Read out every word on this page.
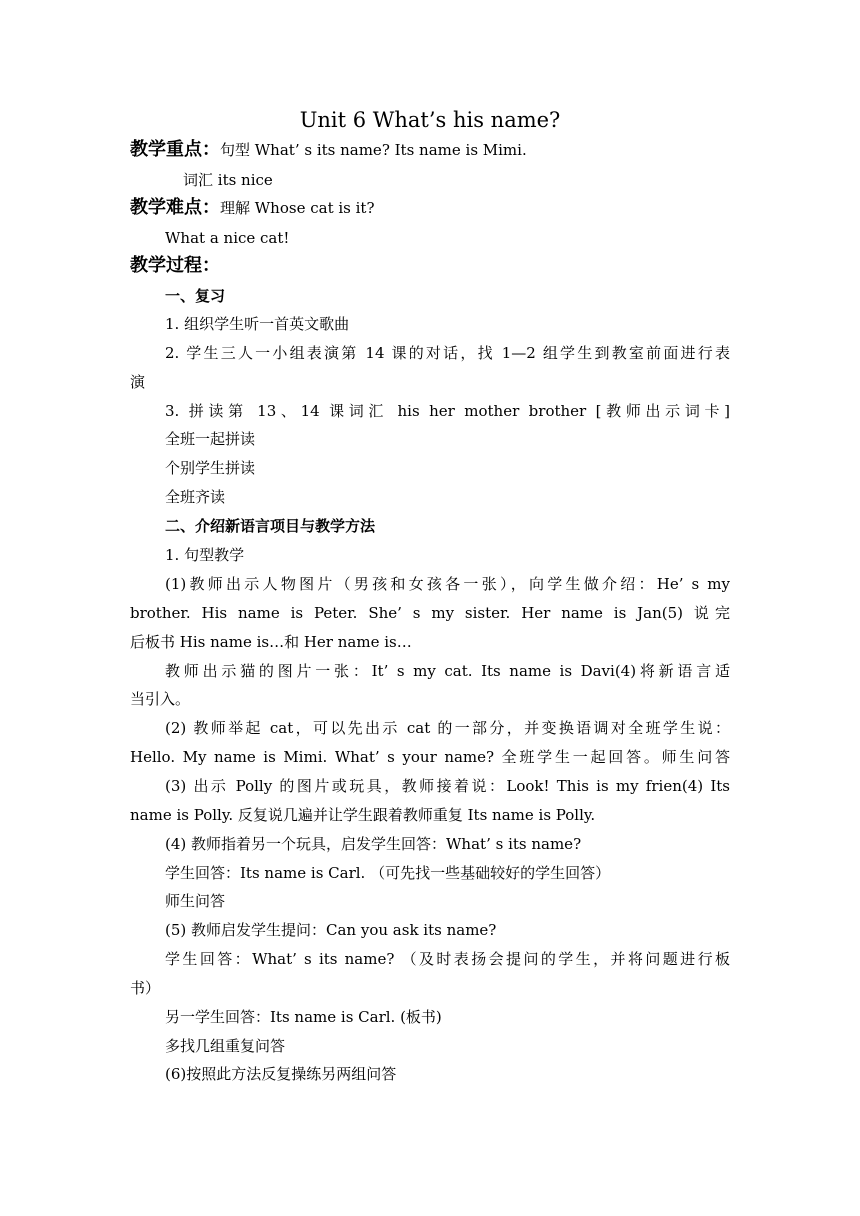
Unit 6 What’s his name?
教学重点：句型 What’ s its name? Its name is Mimi.
词汇 its nice
教学难点：理解 Whose cat is it?
What a nice cat!
教学过程：
一、复习
1. 组织学生听一首英文歌曲
2. 学生三人一小组表演第 14 课的对话，找 1—2 组学生到教室前面进行表
演
3. 拼读第 13、14 课词汇 his her mother brother [教师出示词卡]
全班一起拼读
个别学生拼读
全班齐读
二、介绍新语言项目与教学方法
1. 句型教学
(1)教师出示人物图片（男孩和女孩各一张），向学生做介绍：He’ s my
brother. His name is Peter. She’ s my sister. Her name is Jan(5) 说完
后板书 His name is…和 Her name is…
教师出示猫的图片一张：It’ s my cat. Its name is Davi(4)将新语言适
当引入。
(2) 教师举起 cat，可以先出示 cat 的一部分，并变换语调对全班学生说：
Hello. My name is Mimi. What’ s your name? 全班学生一起回答。师生问答
(3) 出示 Polly 的图片或玩具，教师接着说：Look! This is my frien(4) Its
name is Polly. 反复说几遍并让学生跟着教师重复 Its name is Polly.
(4) 教师指着另一个玩具，启发学生回答：What’ s its name?
学生回答：Its name is Carl. （可先找一些基础较好的学生回答）
师生问答
(5) 教师启发学生提问：Can you ask its name?
学生回答：What’ s its name? （及时表扬会提问的学生，并将问题进行板
书）
另一学生回答：Its name is Carl. (板书)
多找几组重复问答
(6)按照此方法反复操练另两组问答
